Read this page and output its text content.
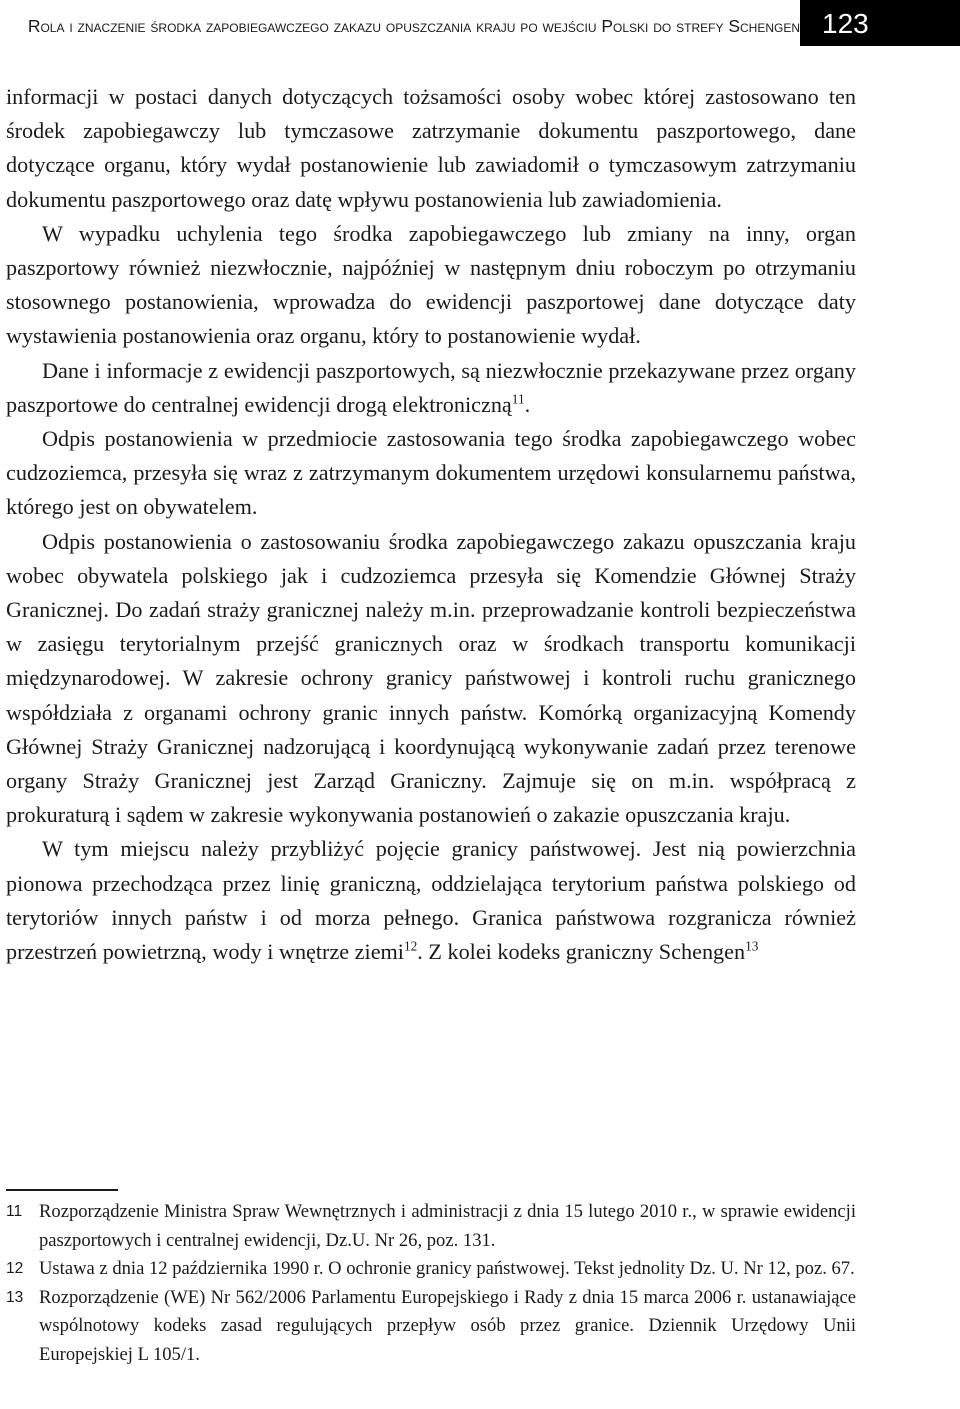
Rola i znaczenie środka zapobiegawczego zakazu opuszczania kraju po wejściu Polski do strefy Schengen 123

informacji w postaci danych dotyczących tożsamości osoby wobec której zastosowano ten środek zapobiegawczy lub tymczasowe zatrzymanie dokumentu paszportowego, dane dotyczące organu, który wydał postanowienie lub zawiadomił o tymczasowym zatrzymaniu dokumentu paszportowego oraz datę wpływu postanowienia lub zawiadomienia.

W wypadku uchylenia tego środka zapobiegawczego lub zmiany na inny, organ paszportowy również niezwłocznie, najpóźniej w następnym dniu roboczym po otrzymaniu stosownego postanowienia, wprowadza do ewidencji paszportowej dane dotyczące daty wystawienia postanowienia oraz organu, który to postanowienie wydał.

Dane i informacje z ewidencji paszportowych, są niezwłocznie przekazywane przez organy paszportowe do centralnej ewidencji drogą elektroniczną$^{11}$.

Odpis postanowienia w przedmiocie zastosowania tego środka zapobiegawczego wobec cudzoziemca, przesyła się wraz z zatrzymanym dokumentem urzędowi konsularnemu państwa, którego jest on obywatelem.

Odpis postanowienia o zastosowaniu środka zapobiegawczego zakazu opuszczania kraju wobec obywatela polskiego jak i cudzoziemca przesyła się Komendzie Głównej Straży Granicznej. Do zadań straży granicznej należy m.in. przeprowadzanie kontroli bezpieczeństwa w zasięgu terytorialnym przejść granicznych oraz w środkach transportu komunikacji międzynarodowej. W zakresie ochrony granicy państwowej i kontroli ruchu granicznego współdziała z organami ochrony granic innych państw. Komórką organizacyjną Komendy Głównej Straży Granicznej nadzorującą i koordynującą wykonywanie zadań przez terenowe organy Straży Granicznej jest Zarząd Graniczny. Zajmuje się on m.in. współpracą z prokuraturą i sądem w zakresie wykonywania postanowień o zakazie opuszczania kraju.

W tym miejscu należy przybliżyć pojęcie granicy państwowej. Jest nią powierzchnia pionowa przechodząca przez linię graniczną, oddzielająca terytorium państwa polskiego od terytoriów innych państw i od morza pełnego. Granica państwowa rozgranicza również przestrzeń powietrzną, wody i wnętrze ziemi$^{12}$. Z kolei kodeks graniczny Schengen$^{13}$

11 Rozporządzenie Ministra Spraw Wewnętrznych i administracji z dnia 15 lutego 2010 r., w sprawie ewidencji paszportowych i centralnej ewidencji, Dz.U. Nr 26, poz. 131.
12 Ustawa z dnia 12 października 1990 r. O ochronie granicy państwowej. Tekst jednolity Dz. U. Nr 12, poz. 67.
13 Rozporządzenie (WE) Nr 562/2006 Parlamentu Europejskiego i Rady z dnia 15 marca 2006 r. ustanawiające wspólnotowy kodeks zasad regulujących przepływ osób przez granice. Dziennik Urzędowy Unii Europejskiej L 105/1.
